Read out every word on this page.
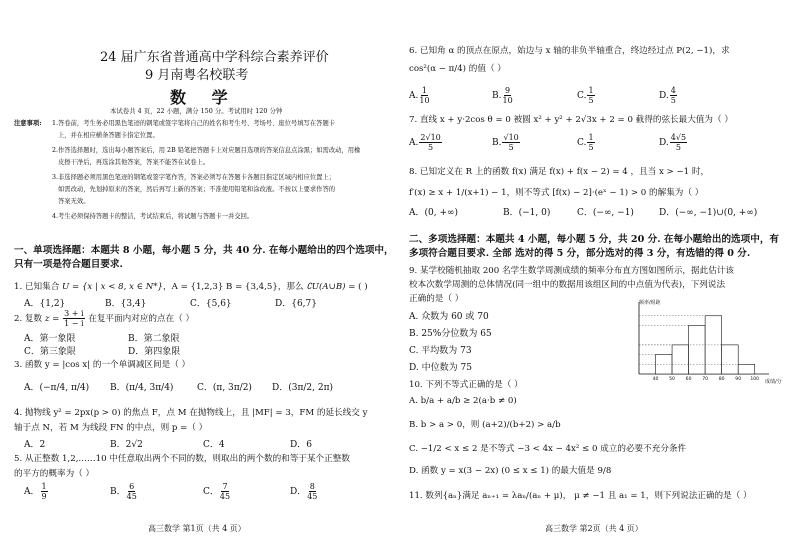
24 届广东省普通高中学科综合素养评价
9 月南粤名校联考
数 学
本试卷共 4 页，22 小题，满分 150 分。考试用时 120 分钟
注意事项: 1.答卷前，考生务必用黑色笔迹的钢笔或签字笔将自己的姓名和考生号、考场号、座位号填写在答题卡
上，并在相应横条答题卡指定位置。
2.作答选择题时，选出每小题答案后，用 2B 铅笔把答题卡上对应题目选项的答案信息点涂黑；如需改动，用橡
皮擦干净后，再选涂其他答案，答案不能答在试卷上。
3.非选择题必须用黑色笔迹的钢笔或签字笔作答，答案必须写在答题卡各题目指定区域内相应位置上；
如需改动，先划掉原来的答案，然后再写上新的答案；不准使用铅笔和涂改液。不按以上要求作答的
答案无效。
4.考生必须保持答题卡的整洁，考试结束后，将试题与答题卡一并交回。
一、单项选择题：本题共 8 小题，每小题 5 分，共 40 分. 在每小题给出的四个选项中，
只有一项是符合题目要求.
1. 已知集合 U = {x | x < 8, x ∈ N*}，A = {1,2,3} B = {3,4,5}，那么 ∁U(A∪B) = ( )
A．{1,2}	B．{3,4}	C．{5,6}	D．{6,7}
2. 复数 $z = \frac{3 + i}{1 - i}$ 在复平面内对应的点在（ ）
A．第一象限	B．第二象限
C．第三象限	D．第四象限
3. 函数 y = |cos x| 的一个单调减区间是（ ）
A．(−π/4, π/4) B．(π/4, 3π/4)	C．(π, 3π/2) D．(3π/2, 2π)
4. 抛物线 y² = 2px(p > 0) 的焦点 F，点 M 在抛物线上，且 |MF| = 3，FM 的延长线交 y
轴于点 N，若 M 为线段 FN 的中点，则 p =（ ）
A．2	B．2√2	C．4	D．6
5. 从正整数 1,2,……10 中任意取出两个不同的数，则取出的两个数的和等于某个正整数
的平方的概率为（ ）
A． $\frac{1}{9}$	B． $\frac{6}{45}$	C． $\frac{7}{45}$	D． $\frac{8}{45}$
高三数学 第1页（共 4 页）
6. 已知角 α 的顶点在原点，始边与 x 轴的非负半轴重合，终边经过点 P(2, −1)，求
cos²(α − π/4) 的值（ ）
A. $\frac{1}{10}$	B. $\frac{9}{10}$	C. $\frac{1}{5}$	D. $\frac{4}{5}$
7. 直线 x + y·2cos θ = 0 被圆 x² + y² + 2√3x + 2 = 0 截得的弦长最大值为（ ）
A. $\frac{2√10}{5}$	B. $\frac{√10}{5}$	C. $\frac{1}{5}$	D. $\frac{4√5}{5}$
8. 已知定义在 R 上的函数 f(x) 满足 f(x) + f(x − 2) = 4 ，且当 x > −1 时，
f′(x) ≥ x + 1/(x+1) − 1，则不等式 [f(x) − 2]·(eˣ − 1) > 0 的解集为（ ）
A．(0, +∞)	B．(−1, 0)	C．(−∞, −1)	D．(−∞, −1)∪(0, +∞)
二、多项选择题：本题共 4 小题，每小题 5 分，共 20 分. 在每小题给出的选项中，有
多项符合题目要求. 全部 选对的得 5 分，部分选对的得 3 分，有选错的得 0 分.
9. 某学校随机抽取 200 名学生数学周测成绩的频率分布直方图如图所示，据此估计该
校本次数学周测的总体情况(同一组中的数据用该组区间的中点值为代表)，下列说法
正确的是（ ）
A. 众数为 60 或 70
B. 25%分位数为 65
C. 平均数为 73
D. 中位数为 75
频率/组距
成绩/分
40 50 60 70 80 90 100
10. 下列不等式正确的是（ ）
A. b/a + a/b ≥ 2(a·b ≠ 0)
B. b > a > 0，则 (a+2)/(b+2) > a/b
C. −1/2 < x ≤ 2 是不等式 −3 < 4x − 4x² ≤ 0 成立的必要不充分条件
D. 函数 y = x(3 − 2x) (0 ≤ x ≤ 1) 的最大值是 9/8
11. 数列{aₙ}满足 aₙ₊₁ = λaₙ/(aₙ + μ)， μ ≠ −1 且 a₁ = 1，则下列说法正确的是（ ）
高三数学 第2页（共 4 页）
